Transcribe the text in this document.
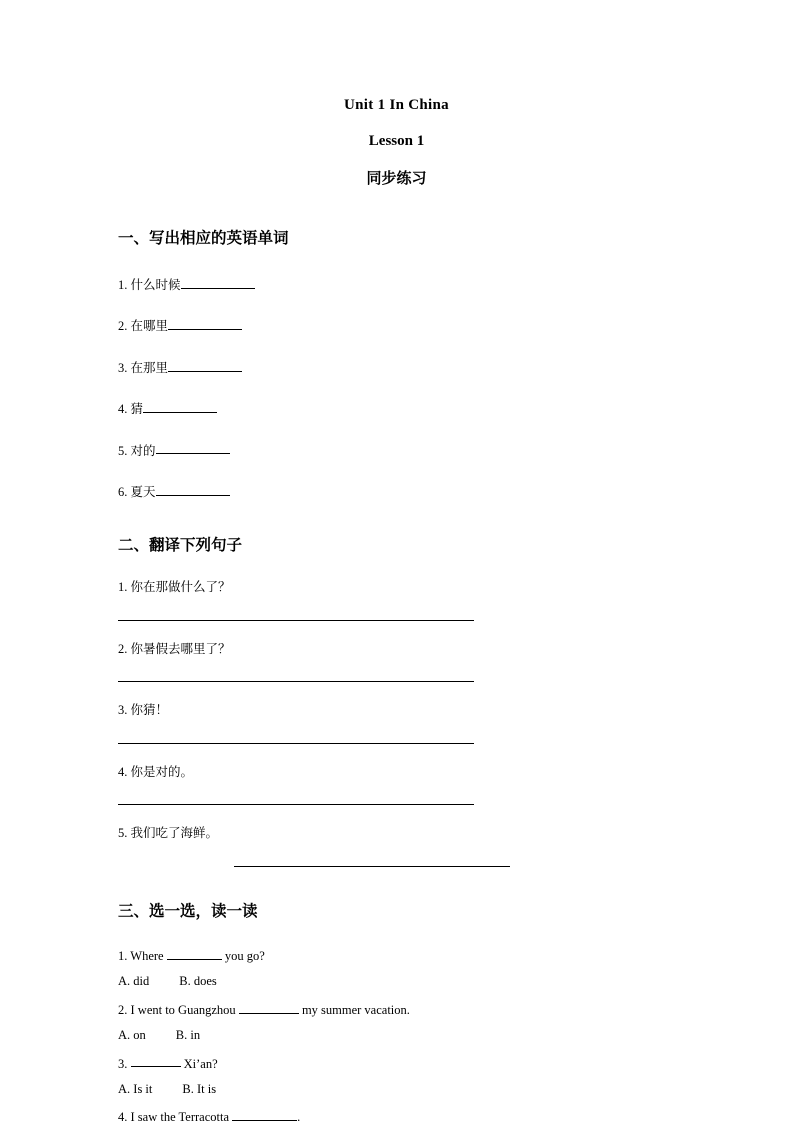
Unit 1 In China
Lesson 1
同步练习
一、写出相应的英语单词
1. 什么时候
2. 在哪里
3. 在那里
4. 猜
5. 对的
6. 夏天
二、翻译下列句子
1. 你在那做什么了？
2. 你暑假去哪里了？
3. 你猜！
4. 你是对的。
5. 我们吃了海鲜。
三、选一选，读一读
1. Where	you go?
A. did B. does
2. I went to Guangzhou	my summer vacation.
A. on B. in
3.	Xi’an?
A. Is it B. It is
4. I saw the Terracotta	.
